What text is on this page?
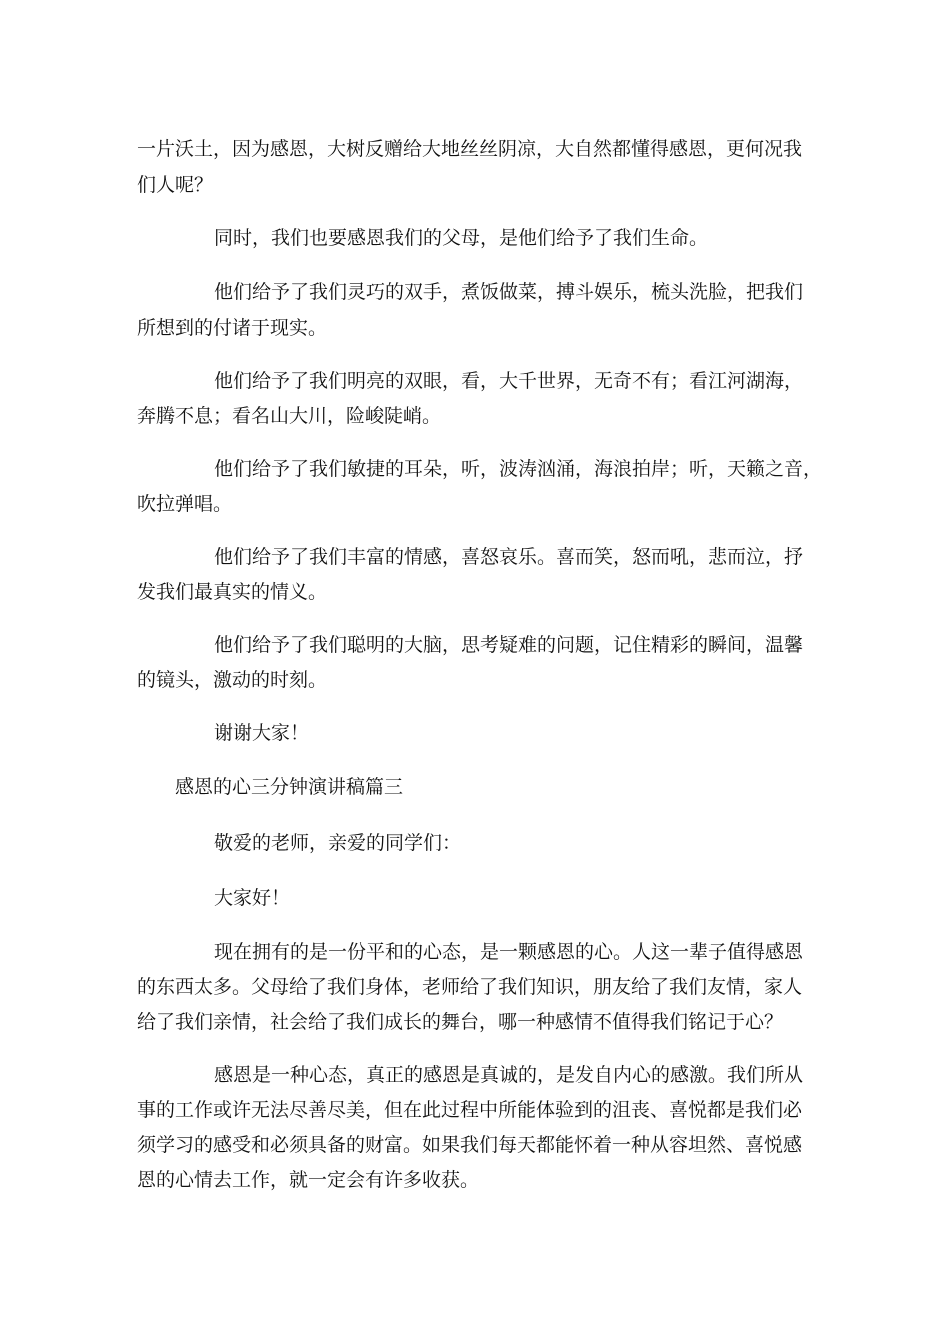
一片沃土，因为感恩，大树反赠给大地丝丝阴凉，大自然都懂得感恩，更何况我
们人呢？
同时，我们也要感恩我们的父母，是他们给予了我们生命。
他们给予了我们灵巧的双手，煮饭做菜，搏斗娱乐，梳头洗脸，把我们
所想到的付诸于现实。
他们给予了我们明亮的双眼，看，大千世界，无奇不有；看江河湖海，
奔腾不息；看名山大川，险峻陡峭。
他们给予了我们敏捷的耳朵，听，波涛汹涌，海浪拍岸；听，天籁之音，
吹拉弹唱。
他们给予了我们丰富的情感，喜怒哀乐。喜而笑，怒而吼，悲而泣，抒
发我们最真实的情义。
他们给予了我们聪明的大脑，思考疑难的问题，记住精彩的瞬间，温馨
的镜头，激动的时刻。
谢谢大家！
感恩的心三分钟演讲稿篇三
敬爱的老师，亲爱的同学们：
大家好！
现在拥有的是一份平和的心态，是一颗感恩的心。人这一辈子值得感恩
的东西太多。父母给了我们身体，老师给了我们知识，朋友给了我们友情，家人
给了我们亲情，社会给了我们成长的舞台，哪一种感情不值得我们铭记于心？
感恩是一种心态，真正的感恩是真诚的，是发自内心的感激。我们所从
事的工作或许无法尽善尽美，但在此过程中所能体验到的沮丧、喜悦都是我们必
须学习的感受和必须具备的财富。如果我们每天都能怀着一种从容坦然、喜悦感
恩的心情去工作，就一定会有许多收获。
